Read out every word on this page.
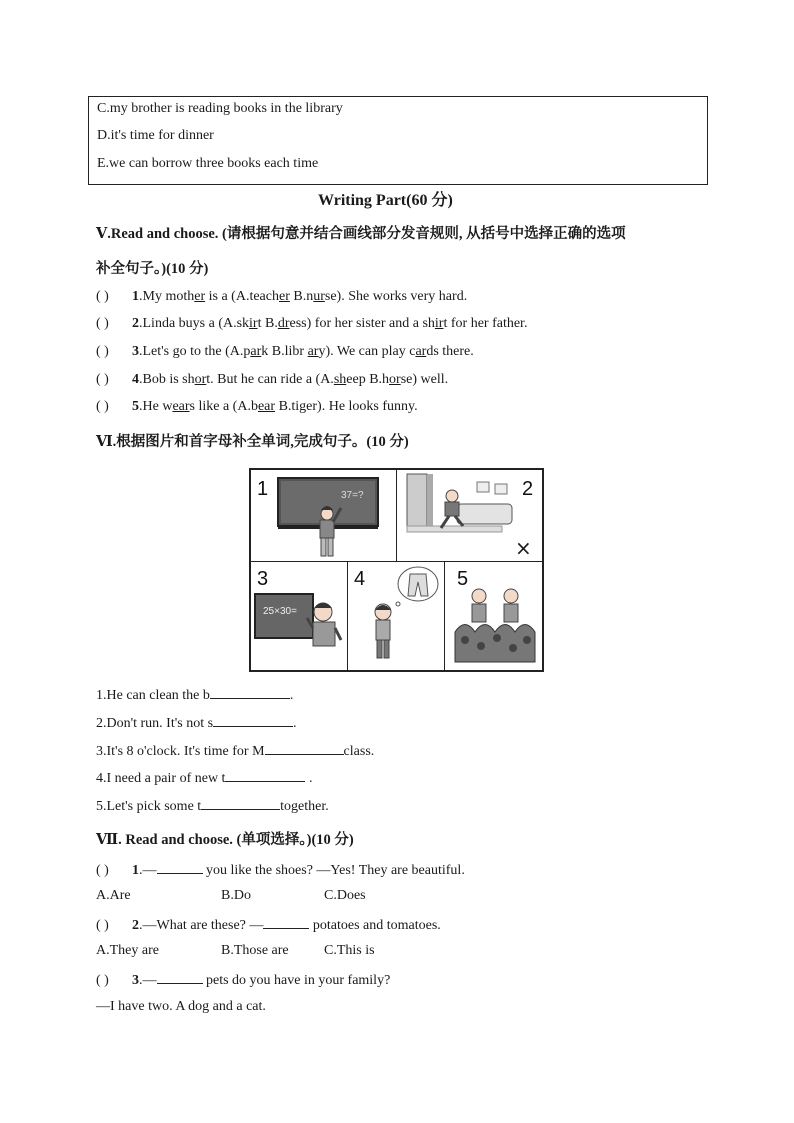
C.my brother is reading books in the library
D.it's time for dinner
E.we can borrow three books each time
Writing Part(60 分)
Ⅴ.Read and choose. (请根据句意并结合画线部分发音规则, 从括号中选择正确的选项
补全句子。)(10 分)
( ) 1.My mother is a (A.teacher B.nurse). She works very hard.
( ) 2.Linda buys a (A.skirt B.dress) for her sister and a shirt for her father.
( ) 3.Let's go to the (A.park B.libr ary). We can play cards there.
( ) 4.Bob is short. But he can ride a (A.sheep B.horse) well.
( ) 5.He wears like a (A.bear B.tiger). He looks funny.
Ⅵ.根据图片和首字母补全单词,完成句子。(10 分)
1	37=?	2
×
3
25×30=
4	5
1.He can clean the b	.
2.Don't run. It's not s	.
3.It's 8 o'clock. It's time for M	class.
4.I need a pair of new t	.
5.Let's pick some t	together.
Ⅶ. Read and choose. (单项选择。)(10 分)
( ) 1.—	you like the shoes? —Yes! They are beautiful.
A.Are	B.Do	C.Does
( ) 2.—What are these? —	potatoes and tomatoes.
A.They are	B.Those are	C.This is
( ) 3.—	pets do you have in your family?
—I have two. A dog and a cat.
